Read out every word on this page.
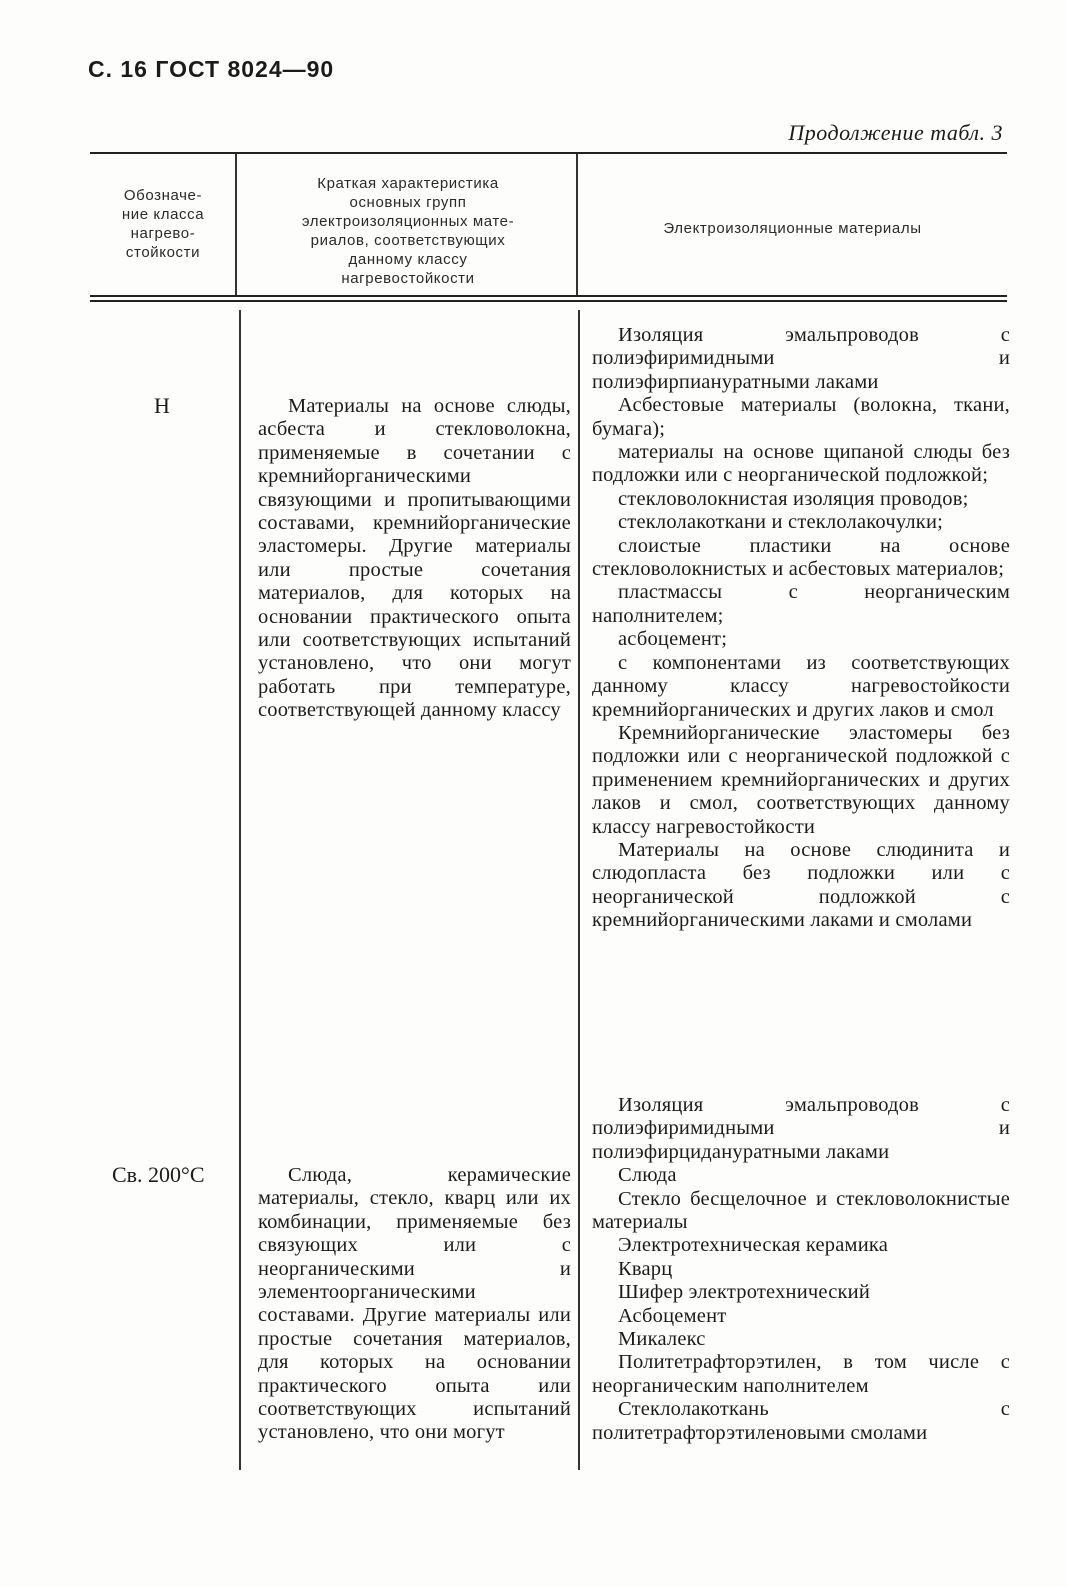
С. 16 ГОСТ 8024—90
Продолжение табл. 3
Обозначе-
ние класса
нагрево-
стойкости
Краткая характеристика
основных групп
электроизоляционных мате-
риалов, соответствующих
данному классу
нагревостойкости
Электроизоляционные материалы
H	Материалы на основе слюды, асбеста и стекловолокна, применяемые в сочетании с кремнийорганическими связующими и пропитывающими составами, кремнийорганические эластомеры. Другие материалы или простые сочетания материалов, для которых на основании практического опыта или соответствующих испытаний установлено, что они могут работать при температуре, соответствующей данному классу

Изоляция эмальпроводов с полиэфиримидными и полиэфирпиануратными лаками

Асбестовые материалы (волокна, ткани, бумага);

материалы на основе щипаной слюды без подложки или с неорганической подложкой;

стекловолокнистая изоляция проводов;

стеклолакоткани и стеклолакочулки;

слоистые пластики на основе стекловолокнистых и асбестовых материалов;

пластмассы с неорганическим наполнителем;

асбоцемент;

с компонентами из соответствующих данному классу нагревостойкости кремнийорганических и других лаков и смол

Кремнийорганические эластомеры без подложки или с неорганической подложкой с применением кремнийорганических и других лаков и смол, соответствующих данному классу нагревостойкости

Материалы на основе слюдинита и слюдопласта без подложки или с неорганической подложкой с кремнийорганическими лаками и смолами

Св. 200°С	Слюда, керамические материалы, стекло, кварц или их комбинации, применяемые без связующих или с неорганическими и элементоорганическими составами. Другие материалы или простые сочетания материалов, для которых на основании практического опыта или соответствующих испытаний установлено, что они могут

Изоляция эмальпроводов с полиэфиримидными и полиэфирцидануратными лаками

Слюда

Стекло бесщелочное и стекловолокнистые материалы

Электротехническая керамика

Кварц

Шифер электротехнический

Асбоцемент

Микалекс

Политетрафторэтилен, в том числе с неорганическим наполнителем

Стеклолакоткань с политетрафторэтиленовыми смолами
